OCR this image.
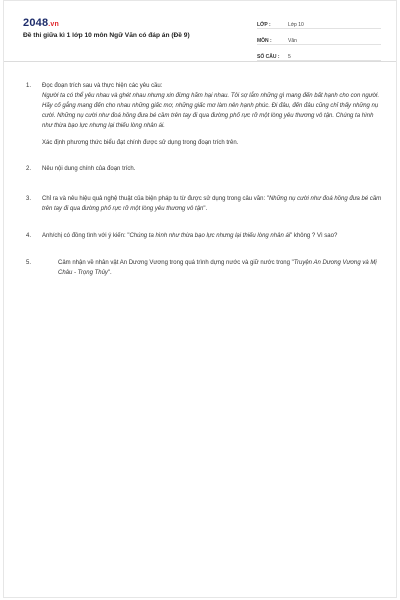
2048.vn
Đề thi giữa kì 1 lớp 10 môn Ngữ Văn có đáp án (Đề 9)
LỚP :	Lớp 10
MÔN :	Văn
SỐ CÂU :	5
1.	Đọc đoạn trích sau và thực hiện các yêu cầu:
Người ta có thể yêu nhau và ghét nhau nhưng xin đừng hãm hại nhau. Tôi sợ lắm những gì mang đến bất hạnh cho con người. Hãy cố gắng mang đến cho nhau những giấc mơ, những giấc mơ làm nên hạnh phúc. Đi đâu, đến đâu cũng chỉ thấy những nụ cười. Những nụ cười như đoá hồng đưa bé cầm trên tay đi qua đường phố rực rỡ một lòng yêu thương vô tận. Chúng ta hình như thừa bạo lực nhưng lại thiếu lòng nhân ái.
Xác định phương thức biểu đạt chính được sử dụng trong đoạn trích trên.
2.	Nêu nội dung chính của đoạn trích.
3.	Chỉ ra và nêu hiệu quả nghệ thuật của biện pháp tu từ được sử dụng trong câu văn: "Những nụ cười như đoá hồng đưa bé cầm trên tay đi qua đường phố rực rỡ một lòng yêu thương vô tận".
4.	Anh/chị có đồng tình với ý kiến: "Chúng ta hình như thừa bạo lực nhưng lại thiếu lòng nhân ái" không ? Vì sao?
5.	Cảm nhận về nhân vật An Dương Vương trong quá trình dựng nước và giữ nước trong "Truyện An Dương Vương và Mị Châu - Trọng Thủy".
